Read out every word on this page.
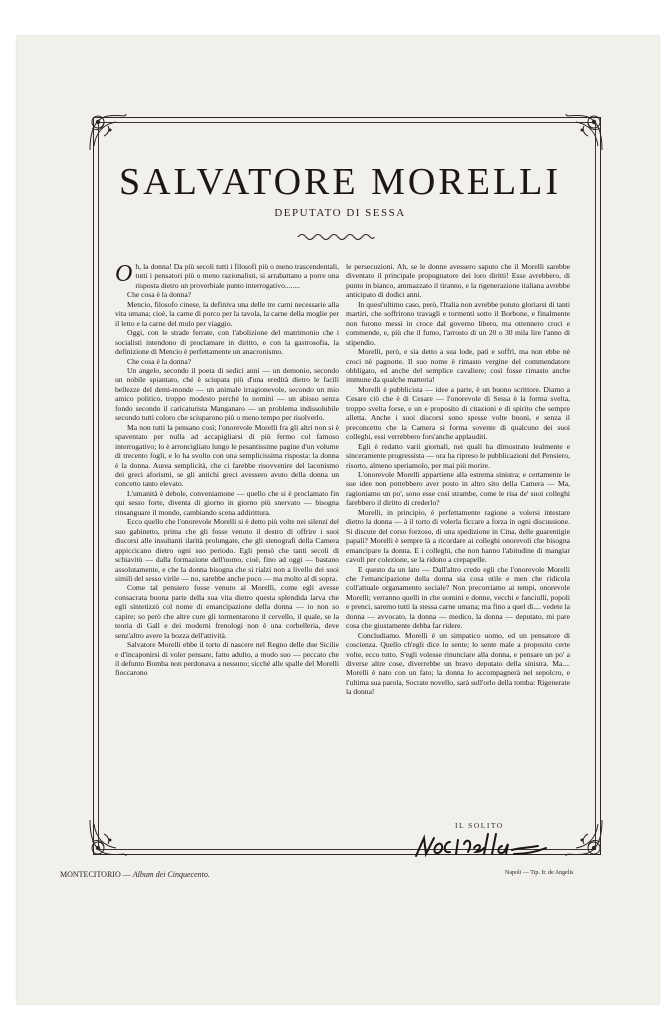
SALVATORE MORELLI
DEPUTATO DI SESSA

Oh, la donna! Da più secoli tutti i filosofi più o meno trascendentali, tutti i pensatori più o meno razionalisti, si arrabattano a porre una risposta dietro un proverbiale punto interrogativo........

Che cosa è la donna?

Mencio, filosofo cinese, la definiva una delle tre carni necessarie alla vita umana; cioè, la carne di porco per la tavola, la carne della moglie per il letto e la carne del mulo per viaggio.

Oggi, con le strade ferrate, con l'abolizione del matrimonio che i socialisti intendono di proclamare in diritto, e con la gastrosofia, la definizione di Mencio è perfettamente un anacronismo.

Che cosa è la donna?

Un angelo, secondo il poeta di sedici anni — un demonio, secondo un nobile spiantato, ché è sciupata più d'una eredità dietro le facili bellezze del demi-monde — un animale irragionevole, secondo un mio amico politico, troppo modesto perché lo nomini — un abisso senza fondo secondo il caricaturista Manganaro — un problema indissolubile secondo tutti coloro che sciuparono più o meno tempo per risolverlo.

Ma non tutti la pensano così; l'onorevole Morelli fra gli altri non si è spaventato per nulla ad accapigliarsi di più fermo col famoso interrogativo; lo è arroncigliato lungo le pesantissime pagine d'un volume di trecento fogli, e lo ha svolto con una semplicissima risposta: la donna è la donna. Aurea semplicità, che ci farebbe risovvenire del laconismo dei greci aforismi, se gli antichi greci avessero avuto della donna un concetto tanto elevato.

L'umanità è debole, conveniamone — quello che si è proclamato fin qui sesso forte, diventa di giorno in giorno più snervato — bisogna rinsanguare il mondo, cambiando scena addirittura.

Ecco quello che l'onorevole Morelli si è detto più volte nei silenzi del suo gabinetto, prima che gli fosse venuto il destro di offrire i suoi discorsi alle insultanti ilarità prolungate, che gli stenografi della Camera appiccicano dietro ogni suo periodo. Egli pensò che tanti secoli di schiavitù — dalla formazione dell'uomo, cioè, fino ad oggi — bastano assolutamente, e che la donna bisogna che si rialzi non a livello dei suoi simili del sesso virile — no, sarebbe anche poco — ma molto al di sopra.

Come tal pensiero fosse venuto al Morelli, come egli avesse consacrata buona parte della sua vita dietro questa splendida larva che egli sintetizzò col nome di emancipazione della donna — io non so capire; so però che altre cure gli tormentarono il cervello, il quale, se la teoria di Gall e dei moderni frenologi non è una corbelleria, deve senz'altro avere la bozza dell'attività.

Salvatore Morelli ebbe il torto di nascere nel Regno delle due Sicilie e d'incaponirsi di voler pensare, fatto adulto, a modo suo — peccato che il defunto Bomba non perdonava a nessuno; sicché alle spalle del Morelli fioccarono

le persecuzioni. Ah, se le donne avessero saputo che il Morelli sarebbe diventato il principale propugnatore dei loro diritti! Esse avrebbero, di punto in bianco, ammazzato il tiranno, e la rigenerazione italiana avrebbe anticipato di dodici anni.

In quest'ultimo caso, però, l'Italia non avrebbe potuto gloriarsi di tanti martiri, che soffrirono travagli e tormenti sotto il Borbone, e finalmente non furono messi in croce dal governo libero, ma ottennero croci e commende, e, più che il fumo, l'arrosto di un 20 o 30 mila lire l'anno di stipendio.

Morelli, però, e sia detto a sua lode, patì e soffrì, ma non ebbe nè croci nè pagnotte. Il suo nome è rimasto vergine del commendatore obbligato, ed anche del semplice cavaliere; così fosse rimasto anche immune da qualche matteria!

Morelli è pubblicista — idee a parte, è un buono scrittore. Diamo a Cesare ciò che è di Cesare — l'onorevole di Sessa è la forma svelta, troppo svelta forse, e un e proposito di citazioni e di spirito che sempre alletta. Anche i suoi discorsi sono spesse volte buoni, e senza il preconcetto che la Camera si forma sovente di qualcuno dei suoi colleghi, essi verrebbero fors'anche applauditi.

Egli è redatto varii giornali, nei quali ha dimostrato lealmente e sinceramente progressista — ora ha ripreso le pubblicazioni del Pensiero, risorto, almeno speriamolo, per mai più morire.

L'onorevole Morelli appartiene alla estrema sinistra; e certamente le sue idee non potrebbero aver posto in altro sito della Camera — Ma, ragioniamo un po', sono esse così strambe, come le risa de' suoi colleghi farebbero il diritto di crederlo?

Morelli, in principio, è perfettamente ragione a volersi intestare dietro la donna — à il torto di volerla ficcare a forza in ogni discussione. Si discute del corso forzoso, di una spedizione in Cina, delle guarentigie papali? Morelli è sempre là a ricordare ai colleghi onorevoli che bisogna emancipare la donna. E i colleghi, che non hanno l'abitudine di mangiar cavoli per colezione, se la ridono a crepapelle.

E questo da un lato — Dall'altro credo egli che l'onorevole Morelli che l'emancipazione della donna sia cosa utile e men che ridicola coll'attuale organamento sociale? Non precorriamo ai tempi, onorevole Morelli; verranno quelli in che uomini e donne, vecchi e fanciulli, popoli e prenci, saremo tutti la stessa carne umana; ma fino a quel dì.... vedete la donna — avvocato, la donna — medico, la donna — deputato, mi pare cosa che giustamente debba far ridere.

Concludiamo. Morelli è un simpatico uomo, ed un pensatore di coscienza. Quello ch'egli dice lo sente; lo sente male a proposito certe volte, ecco tutto. S'egli volesse rinunciare alla donna, e pensare un po' a diverse altre cose, diverrebbe un bravo deputato della sinistra. Ma.... Morelli è nato con un fato; la donna lo accompagnerà nel sepolcro, e l'ultima sua parola, Socrate novello, sarà sull'orlo della tomba: Rigenerate la donna!

IL SOLITO
MONTECITORIO — Album dei Cinquecento.	Napoli — Tip. fr. de Angelis
